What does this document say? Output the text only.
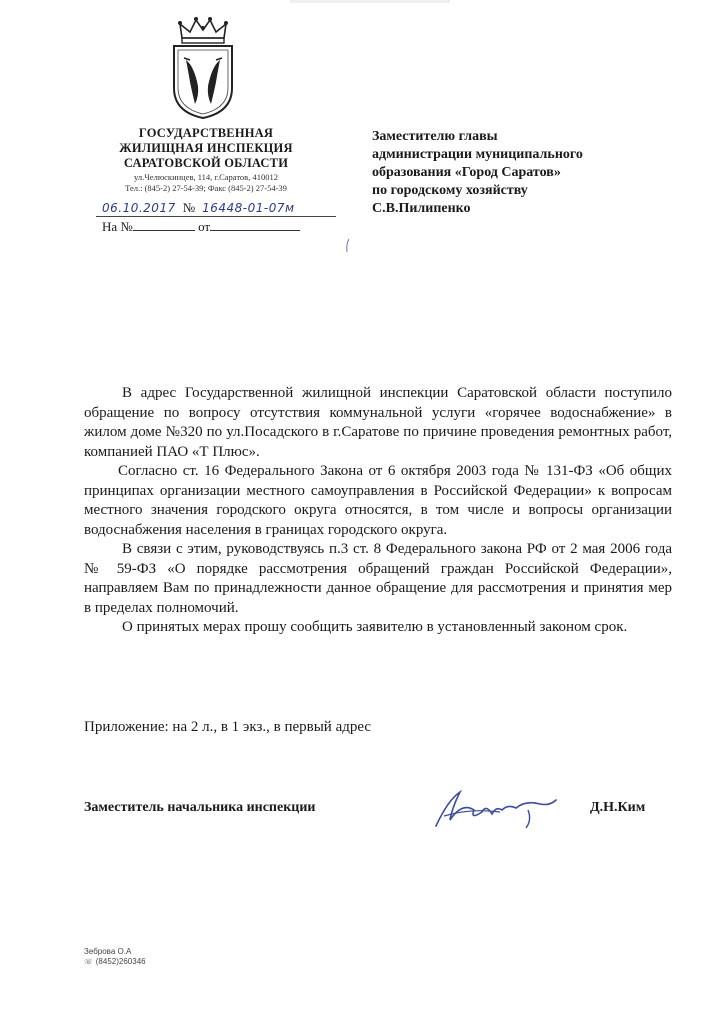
ГОСУДАРСТВЕННАЯ
ЖИЛИЩНАЯ ИНСПЕКЦИЯ
САРАТОВСКОЙ ОБЛАСТИ
ул.Челюскинцев, 114, г.Саратов, 410012
Тел.: (845-2) 27-54-39; Факс (845-2) 27-54-39
06.10.2017 № 16448-01-07м
На №	от
Заместителю главы
администрации муниципального
образования «Город Саратов»
по городскому хозяйству
С.В.Пилипенко

В адрес Государственной жилищной инспекции Саратовской области поступило обращение по вопросу отсутствия коммунальной услуги «горячее водоснабжение» в жилом доме №320 по ул.Посадского в г.Саратове по причине проведения ремонтных работ, компанией ПАО «Т Плюс».

Согласно ст. 16 Федерального Закона от 6 октября 2003 года № 131-ФЗ «Об общих принципах организации местного самоуправления в Российской Федерации» к вопросам местного значения городского округа относятся, в том числе и вопросы организации водоснабжения населения в границах городского округа.

В связи с этим, руководствуясь п.3 ст. 8 Федерального закона РФ от 2 мая 2006 года № 59-ФЗ «О порядке рассмотрения обращений граждан Российской Федерации», направляем Вам по принадлежности данное обращение для рассмотрения и принятия мер в пределах полномочий.

О принятых мерах прошу сообщить заявителю в установленный законом срок.

Приложение: на 2 л., в 1 экз., в первый адрес
Заместитель начальника инспекции	Д.Н.Ким
Зеброва О.А
☏ (8452)260346
